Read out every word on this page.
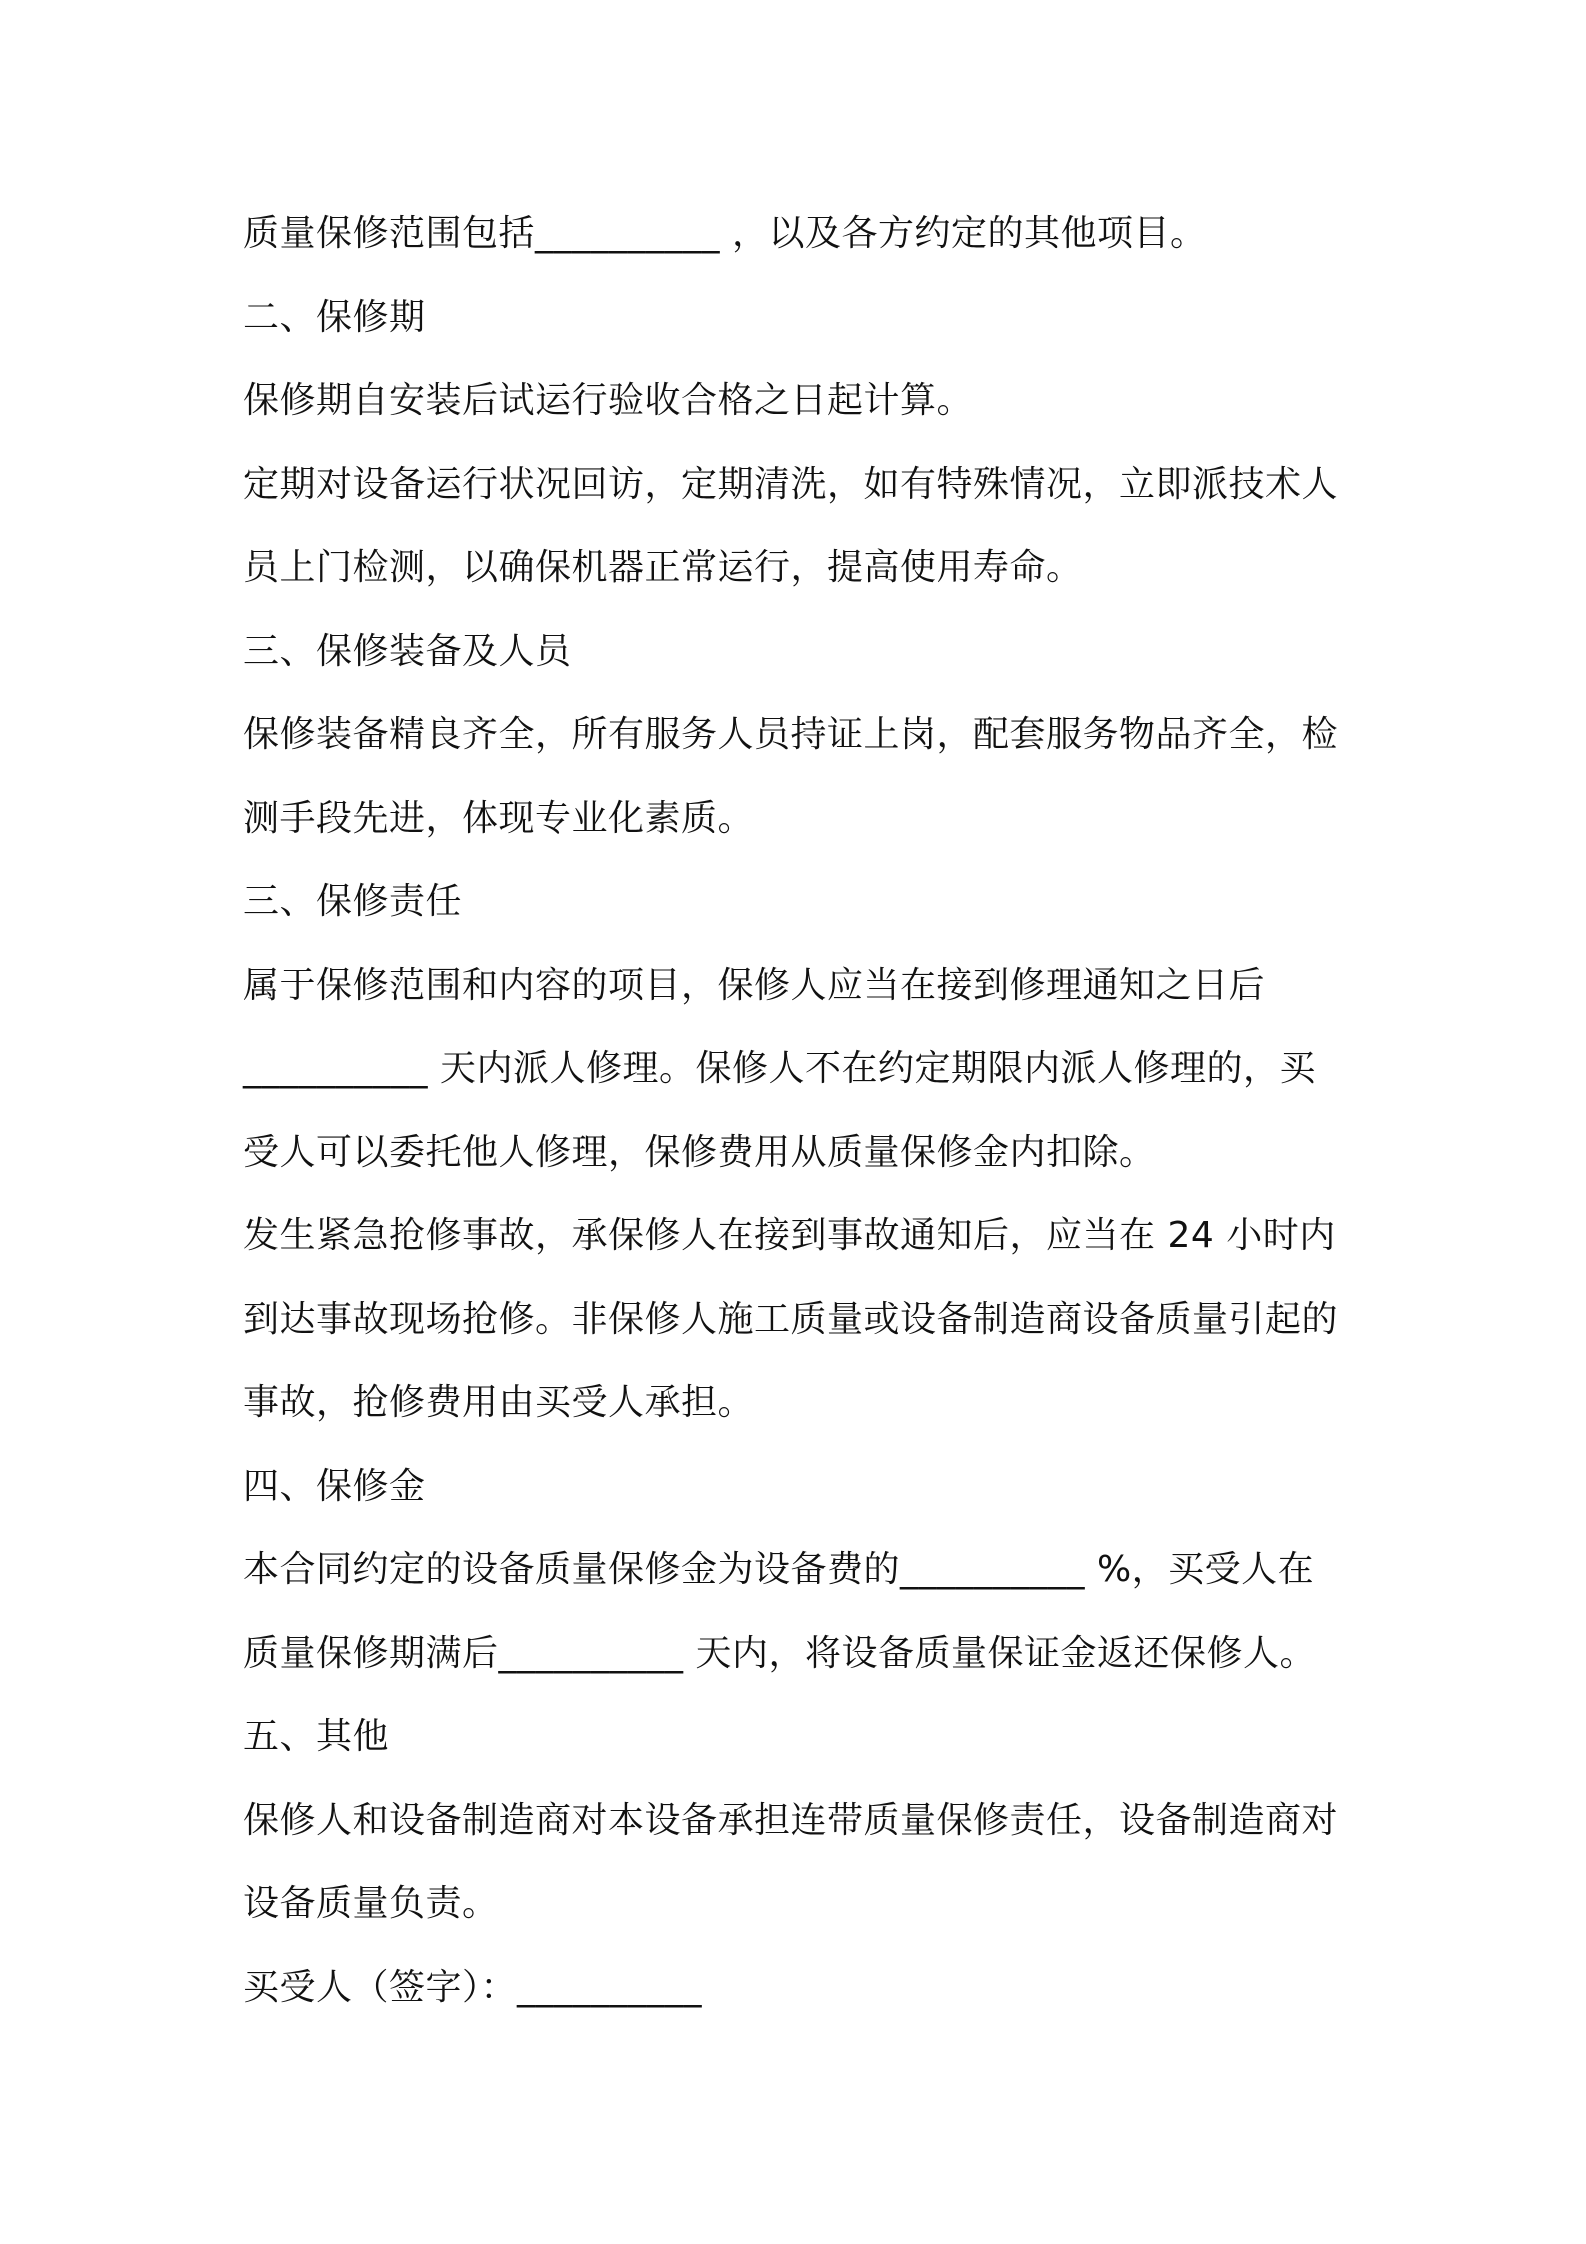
质量保修范围包括__________ ，以及各方约定的其他项目。
二、保修期
保修期自安装后试运行验收合格之日起计算。
定期对设备运行状况回访，定期清洗，如有特殊情况，立即派技术人
员上门检测，以确保机器正常运行，提高使用寿命。
三、保修装备及人员
保修装备精良齐全，所有服务人员持证上岗，配套服务物品齐全，检
测手段先进，体现专业化素质。
三、保修责任
属于保修范围和内容的项目，保修人应当在接到修理通知之日后
__________ 天内派人修理。保修人不在约定期限内派人修理的，买
受人可以委托他人修理，保修费用从质量保修金内扣除。
发生紧急抢修事故，承保修人在接到事故通知后，应当在 24 小时内
到达事故现场抢修。非保修人施工质量或设备制造商设备质量引起的
事故，抢修费用由买受人承担。
四、保修金
本合同约定的设备质量保修金为设备费的__________ %，买受人在
质量保修期满后__________ 天内，将设备质量保证金返还保修人。
五、其他
保修人和设备制造商对本设备承担连带质量保修责任，设备制造商对
设备质量负责。
买受人（签字）：__________
